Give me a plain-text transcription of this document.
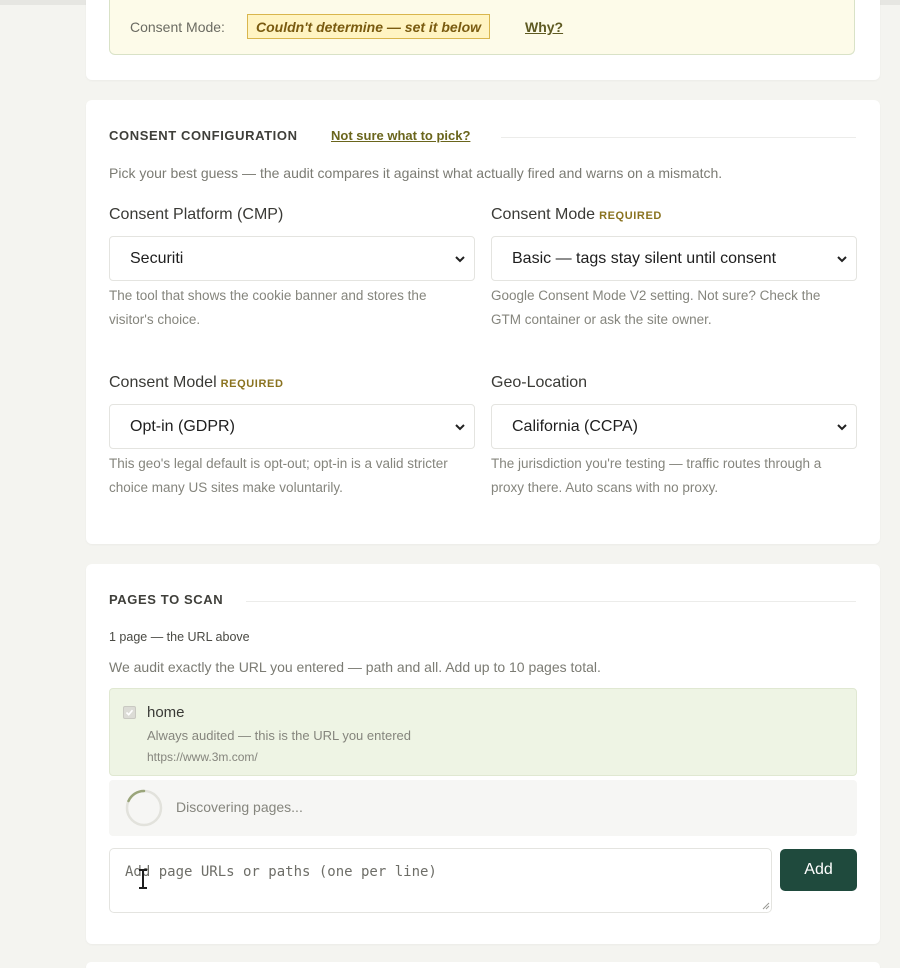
Consent Mode:	Couldn't determine — set it below	Why?
CONSENT CONFIGURATION	Not sure what to pick?
Pick your best guess — the audit compares it against what actually fired and warns on a mismatch.
Consent Platform (CMP)
Securiti
The tool that shows the cookie banner and stores the visitor's choice.
Consent Mode REQUIRED
Basic — tags stay silent until consent
Google Consent Mode V2 setting. Not sure? Check the GTM container or ask the site owner.
Consent Model REQUIRED
Opt-in (GDPR)
This geo's legal default is opt-out; opt-in is a valid stricter choice many US sites make voluntarily.
Geo-Location
California (CCPA)
The jurisdiction you're testing — traffic routes through a proxy there. Auto scans with no proxy.
PAGES TO SCAN
1 page — the URL above
We audit exactly the URL you entered — path and all. Add up to 10 pages total.
home
Always audited — this is the URL you entered
https://www.3m.com/
Discovering pages...
Add page URLs or paths (one per line)
Add
